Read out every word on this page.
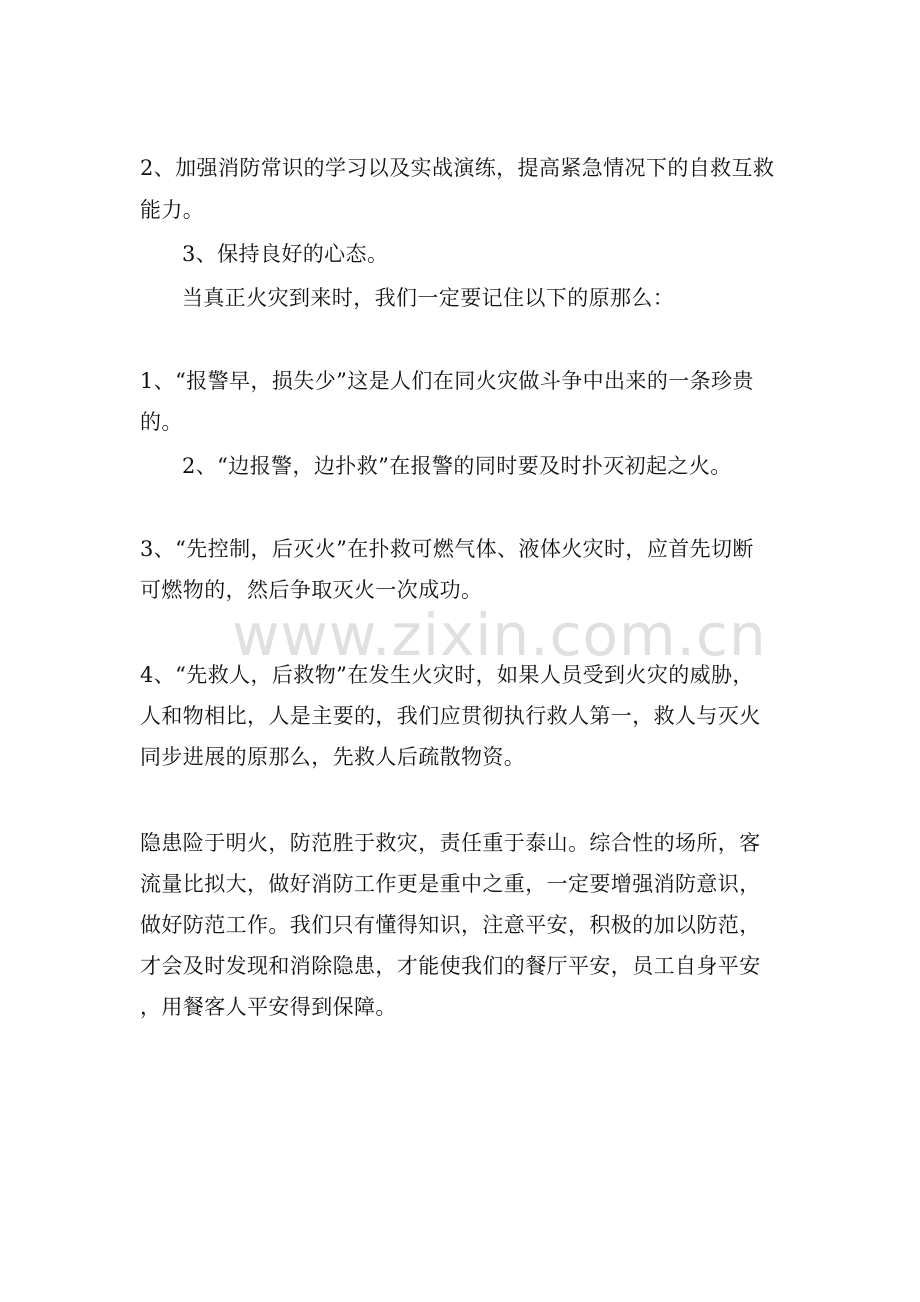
2、加强消防常识的学习以及实战演练，提高紧急情况下的自救互救
能力。
3、保持良好的心态。
当真正火灾到来时，我们一定要记住以下的原那么：
1、“报警早，损失少”这是人们在同火灾做斗争中出来的一条珍贵
的。
2、“边报警，边扑救”在报警的同时要及时扑灭初起之火。
3、“先控制，后灭火”在扑救可燃气体、液体火灾时，应首先切断
可燃物的，然后争取灭火一次成功。
www.zixin.com.cn
4、“先救人，后救物”在发生火灾时，如果人员受到火灾的威胁，
人和物相比，人是主要的，我们应贯彻执行救人第一，救人与灭火
同步进展的原那么，先救人后疏散物资。
隐患险于明火，防范胜于救灾，责任重于泰山。综合性的场所，客
流量比拟大，做好消防工作更是重中之重，一定要增强消防意识，
做好防范工作。我们只有懂得知识，注意平安，积极的加以防范，
才会及时发现和消除隐患，才能使我们的餐厅平安，员工自身平安
，用餐客人平安得到保障。
